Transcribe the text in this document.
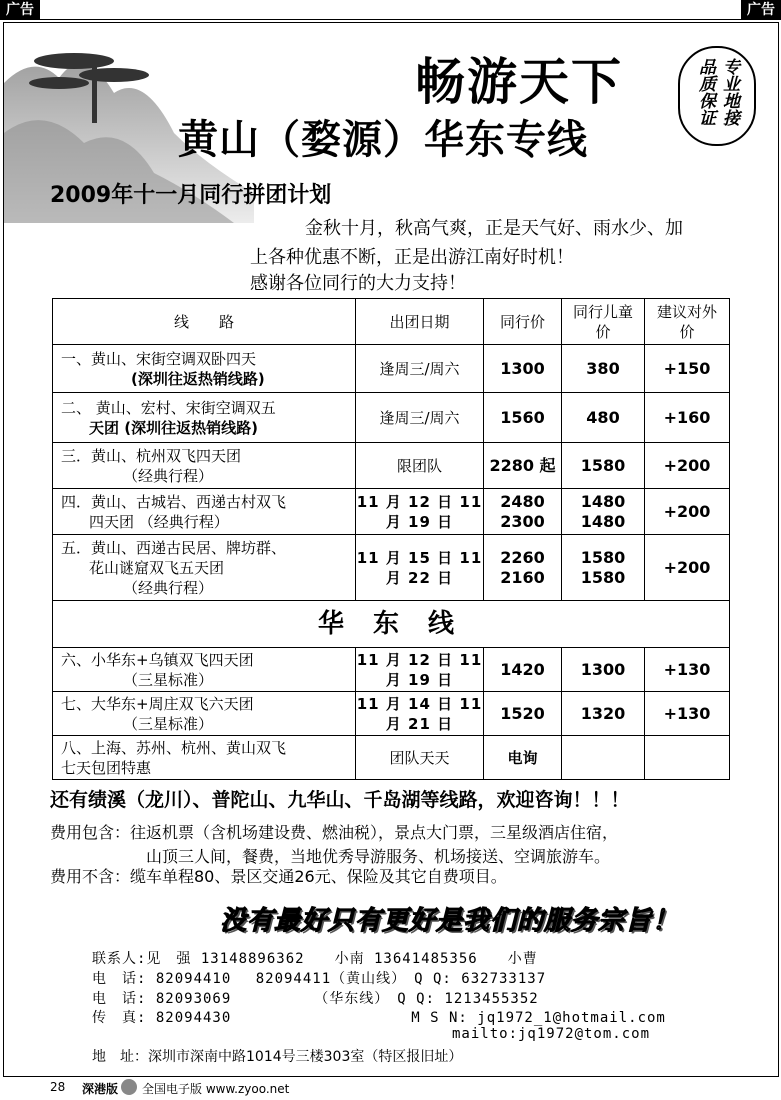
广告	广告
畅游天下
黄山（婺源）华东专线
专业地接
品质保证
2009年十一月同行拼团计划
金秋十月，秋高气爽，正是天气好、雨水少、加
上各种优惠不断，正是出游江南好时机！
感谢各位同行的大力支持！
线　　路	出团日期	同行价	同行儿童价	建议对外价

一、黄山、宋街空调双卧四天
(深圳往返热销线路)	逢周三/周六	1300	380	+150

二、 黄山、宏村、宋街空调双五
天团 (深圳往返热销线路)	逢周三/周六	1560	480	+160

三．黄山、杭州双飞四天团
（经典行程）	限团队	2280 起	1580	+200

四．黄山、古城岩、西递古村双飞
四天团 （经典行程）	11 月 12 日 11 月 19 日	2480 2300	1480 1480	+200

五．黄山、西递古民居、牌坊群、
花山谜窟双飞五天团
（经典行程）	11 月 15 日 11 月 22 日	2260 2160	1580 1580	+200
华 东 线				

六、小华东+乌镇双飞四天团
（三星标准）	11 月 12 日 11 月 19 日	1420	1300	+130

七、大华东+周庄双飞六天团
（三星标准）	11 月 14 日 11 月 21 日	1520	1320	+130

八、上海、苏州、杭州、黄山双飞
七天包团特惠	团队天天	电询		
还有绩溪（龙川）、普陀山、九华山、千岛湖等线路，欢迎咨询！！！
费用包含：往返机票（含机场建设费、燃油税），景点大门票，三星级酒店住宿，
山顶三人间，餐费，当地优秀导游服务、机场接送、空调旅游车。
费用不含：缆车单程80、景区交通26元、保险及其它自费项目。
没有最好只有更好是我们的服务宗旨！
联系人:见　强 13148896362　　小南 13641485356　　小曹
电　话: 82094410　 82094411（黄山线）　Q Q: 632733137
电　话: 82093069　　　　　　（华东线）　Q Q: 1213455352
传　真: 82094430　　　　　　　　　　　　M S N: jq1972_1@hotmail.com
mailto:jq1972@tom.com
地　址：深圳市深南中路1014号三楼303室（特区报旧址）
28 深港版 全国电子版 www.zyoo.net
